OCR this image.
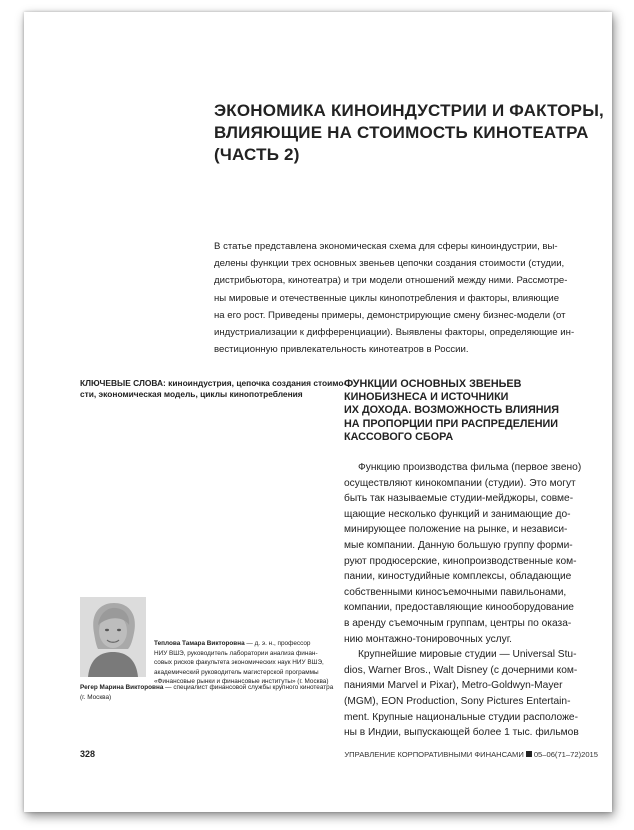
ЭКОНОМИКА КИНОИНДУСТРИИ И ФАКТОРЫ,
ВЛИЯЮЩИЕ НА СТОИМОСТЬ КИНОТЕАТРА
(ЧАСТЬ 2)
В статье представлена экономическая схема для сферы киноиндустрии, вы-
делены функции трех основных звеньев цепочки создания стоимости (студии,
дистрибьютора, кинотеатра) и три модели отношений между ними. Рассмотре-
ны мировые и отечественные циклы кинопотребления и факторы, влияющие
на его рост. Приведены примеры, демонстрирующие смену бизнес-модели (от
индустриализации к дифференциации). Выявлены факторы, определяющие ин-
вестиционную привлекательность кинотеатров в России.
КЛЮЧЕВЫЕ СЛОВА: киноиндустрия, цепочка создания стоимо-
сти, экономическая модель, циклы кинопотребления
ФУНКЦИИ ОСНОВНЫХ ЗВЕНЬЕВ
КИНОБИЗНЕСА И ИСТОЧНИКИ
ИХ ДОХОДА. ВОЗМОЖНОСТЬ ВЛИЯНИЯ
НА ПРОПОРЦИИ ПРИ РАСПРЕДЕЛЕНИИ
КАССОВОГО СБОРА
Функцию производства фильма (первое звено)
осуществляют кинокомпании (студии). Это могут
быть так называемые студии-мейджоры, совме-
щающие несколько функций и занимающие до-
минирующее положение на рынке, и независи-
мые компании. Данную большую группу форми-
руют продюсерские, кинопроизводственные ком-
пании, киностудийные комплексы, обладающие
собственными киносъемочными павильонами,
компании, предоставляющие кинооборудование
в аренду съемочным группам, центры по оказа-
нию монтажно-тонировочных услуг.
Крупнейшие мировые студии — Universal Stu-
dios, Warner Bros., Walt Disney (с дочерними ком-
паниями Marvel и Pixar), Metro-Goldwyn-Mayer
(MGM), EON Production, Sony Pictures Entertain-
ment. Крупные национальные студии расположе-
ны в Индии, выпускающей более 1 тыс. фильмов
Теплова Тамара Викторовна — д. э. н., профессор
НИУ ВШЭ, руководитель лаборатории анализа финан-
совых рисков факультета экономических наук НИУ ВШЭ,
академический руководитель магистерской программы
«Финансовые рынки и финансовые институты» (г. Москва)
Регер Марина Викторовна — специалист финансовой службы крупного кинотеатра
(г. Москва)
328	УПРАВЛЕНИЕ КОРПОРАТИВНЫМИ ФИНАНСАМИ 05–06(71–72)2015
